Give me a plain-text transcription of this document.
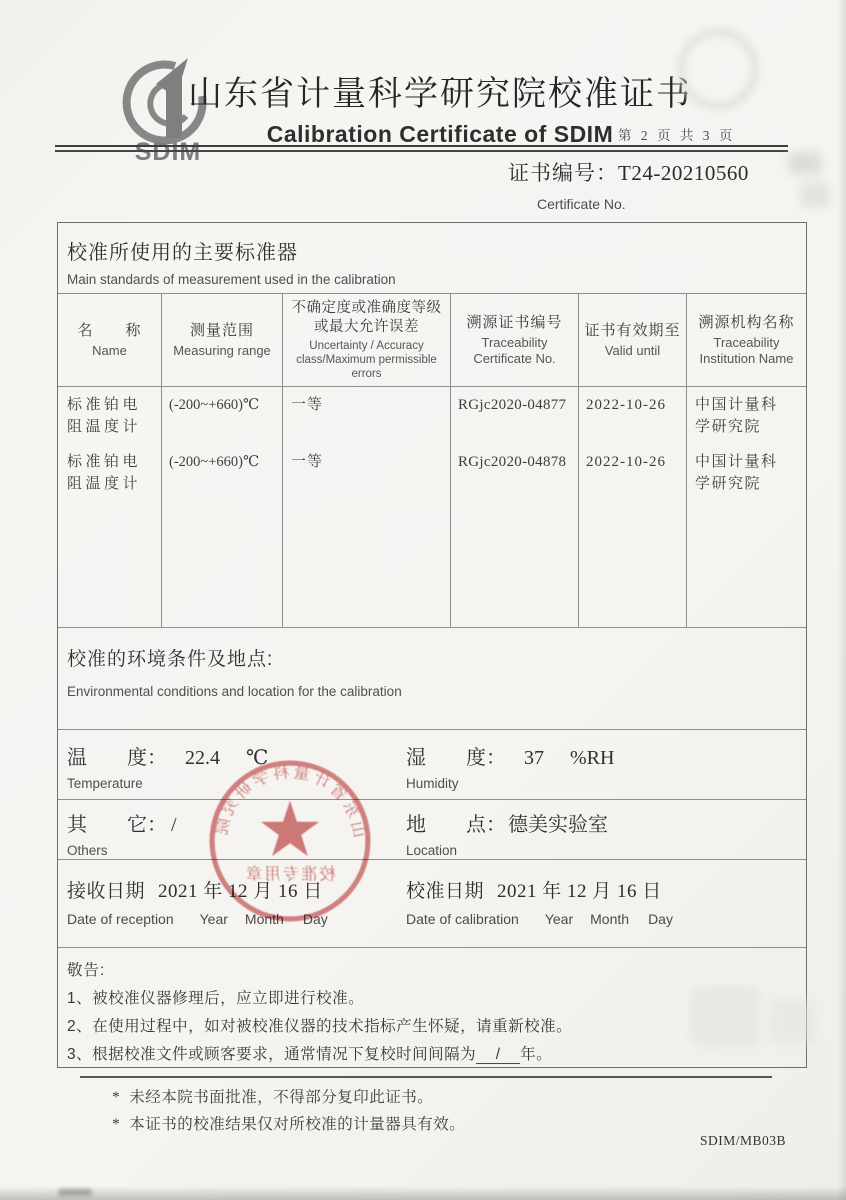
SDIM
山东省计量科学研究院校准证书
Calibration Certificate of SDIM 第 2 页 共 3 页
证书编号：T24-20210560
Certificate No.
校准所使用的主要标准器
Main standards of measurement used in the calibration
名　　称
Name
测量范围
Measuring range
不确定度或准确度等级或最大允许误差
Uncertainty / Accuracy class/Maximum permissible errors
溯源证书编号
Traceability Certificate No.
证书有效期至
Valid until
溯源机构名称
Traceability Institution Name
标准铂电阻温度计
标准铂电阻温度计
(-200~+660)℃
(-200~+660)℃
一等
一等
RGjc2020-04877
RGjc2020-04878
2022-10-26
2022-10-26
中国计量科学研究院
中国计量科学研究院
校准的环境条件及地点:
Environmental conditions and location for the calibration
温　　度： 22.4 ℃
Temperature
湿　　度： 37 %RH
Humidity
其　　它： /
Others
地　　点： 德美实验室
Location
接收日期 2021 年 12 月 16 日
Date of reception Year Month Day
校准日期 2021 年 12 月 16 日
Date of calibration Year Month Day
敬告:
1、被校准仪器修理后，应立即进行校准。
2、在使用过程中，如对被校准仪器的技术指标产生怀疑，请重新校准。
3、根据校准文件或顾客要求，通常情况下复校时间间隔为 / 年。
* 未经本院书面批准，不得部分复印此证书。
* 本证书的校准结果仅对所校准的计量器具有效。
SDIM/MB03B
山东省计量科学研究院
校准专用章
